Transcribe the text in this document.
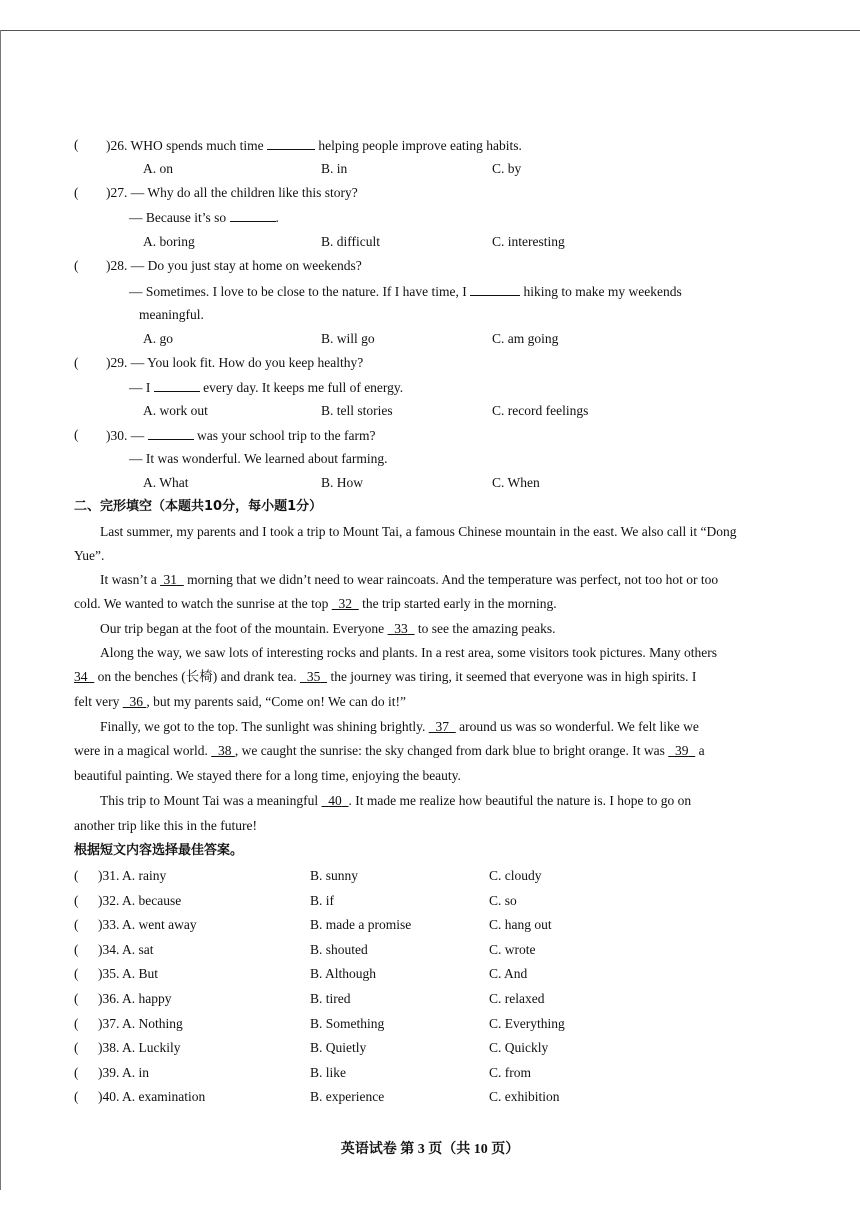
( )26. WHO spends much time	helping people improve eating habits.
A. on	B. in	C. by
( )27. — Why do all the children like this story?
— Because it’s so	.
A. boring	B. difficult	C. interesting
( )28. — Do you just stay at home on weekends?
— Sometimes. I love to be close to the nature. If I have time, I	hiking to make my weekends
meaningful.
A. go	B. will go	C. am going
( )29. — You look fit. How do you keep healthy?
— I	every day. It keeps me full of energy.
A. work out	B. tell stories	C. record feelings
( )30. —	was your school trip to the farm?
— It was wonderful. We learned about farming.
A. What	B. How	C. When
二、完形填空（本题共10分，每小题1分）
Last summer, my parents and I took a trip to Mount Tai, a famous Chinese mountain in the east. We also call it “Dong
Yue”.
It wasn’t a 31 morning that we didn’t need to wear raincoats. And the temperature was perfect, not too hot or too
cold. We wanted to watch the sunrise at the top 32 the trip started early in the morning.
Our trip began at the foot of the mountain. Everyone 33 to see the amazing peaks.
Along the way, we saw lots of interesting rocks and plants. In a rest area, some visitors took pictures. Many others
34 on the benches (长椅) and drank tea. 35 the journey was tiring, it seemed that everyone was in high spirits. I
felt very 36 , but my parents said, “Come on! We can do it!”
Finally, we got to the top. The sunlight was shining brightly. 37 around us was so wonderful. We felt like we
were in a magical world. 38 , we caught the sunrise: the sky changed from dark blue to bright orange. It was 39 a
beautiful painting. We stayed there for a long time, enjoying the beauty.
This trip to Mount Tai was a meaningful 40 . It made me realize how beautiful the nature is. I hope to go on
another trip like this in the future!
根据短文内容选择最佳答案。
( )31. A. rainy	B. sunny	C. cloudy
( )32. A. because	B. if	C. so
( )33. A. went away	B. made a promise	C. hang out
( )34. A. sat	B. shouted	C. wrote
( )35. A. But	B. Although	C. And
( )36. A. happy	B. tired	C. relaxed
( )37. A. Nothing	B. Something	C. Everything
( )38. A. Luckily	B. Quietly	C. Quickly
( )39. A. in	B. like	C. from
( )40. A. examination	B. experience	C. exhibition
英语试卷 第 3 页（共 10 页）
